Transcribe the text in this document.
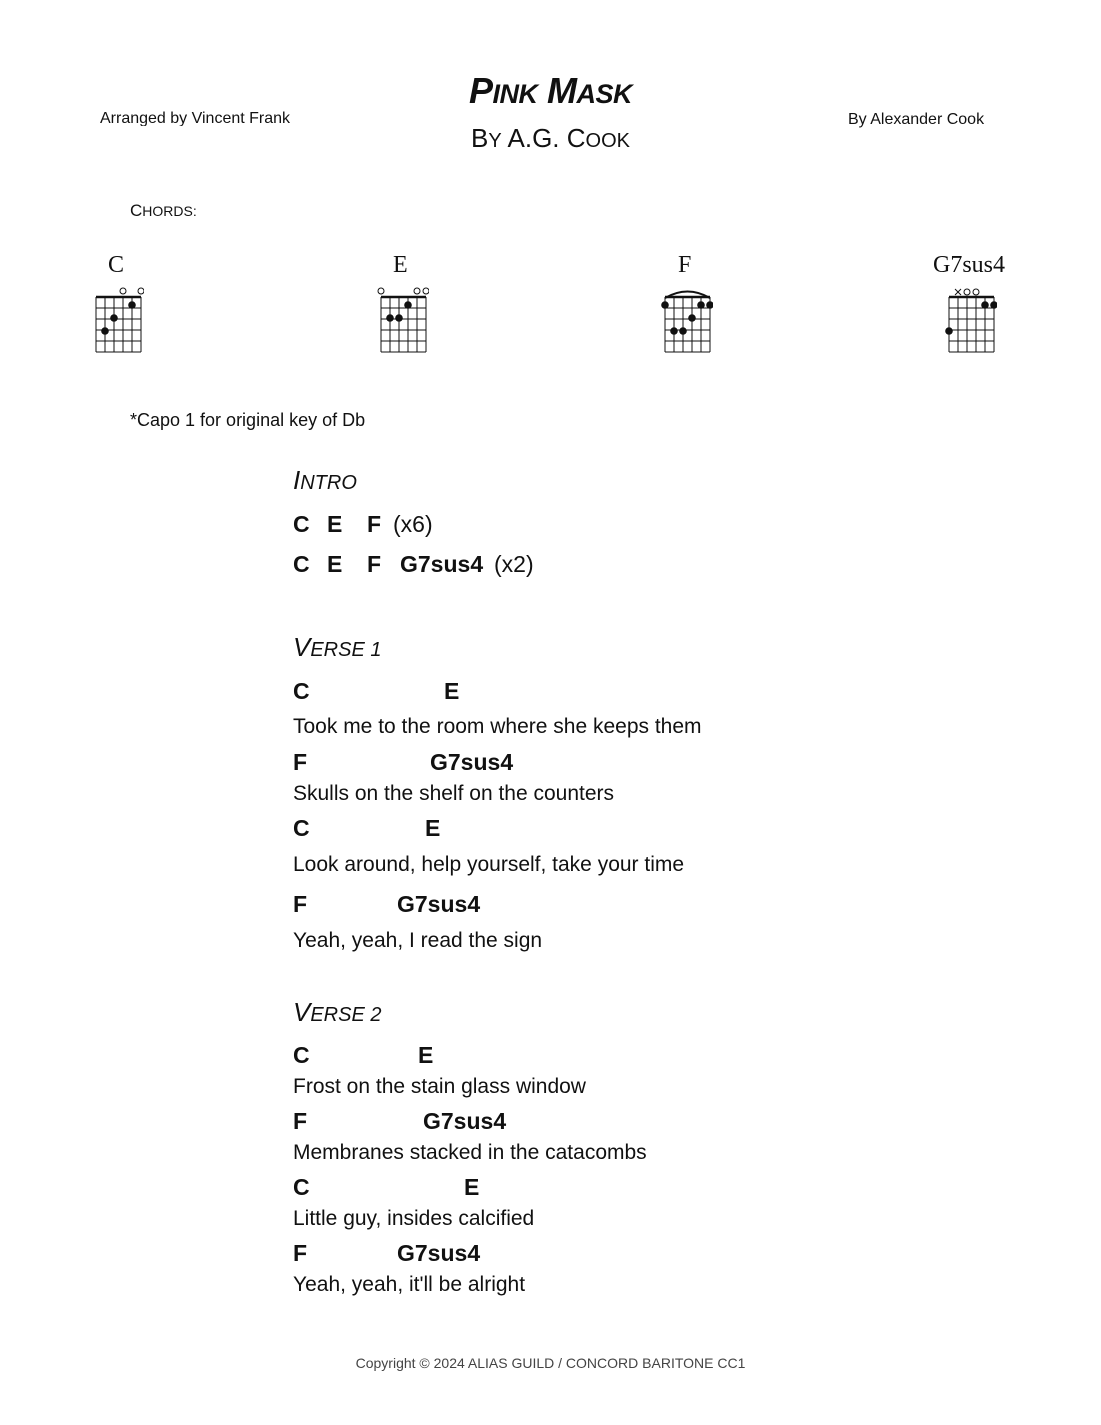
PINK MASK
BY A.G. COOK
Arranged by Vincent Frank	By Alexander Cook
CHORDS:
C	E	F	G7sus4
*Capo 1 for original key of Db
INTRO

C

E

F

(x6)

C

E

F

G7sus4

(x2)

VERSE 1

C

	E

Took me to the room where she keeps them

F

	G7sus4

Skulls on the shelf on the counters

C

	E

Look around, help yourself, take your time

F

	G7sus4

Yeah, yeah, I read the sign
VERSE 2

C

	E

Frost on the stain glass window

F

	G7sus4

Membranes stacked in the catacombs

C

	E

Little guy, insides calcified

F

	G7sus4

Yeah, yeah, it'll be alright
Copyright © 2024 ALIAS GUILD / CONCORD BARITONE CC1
